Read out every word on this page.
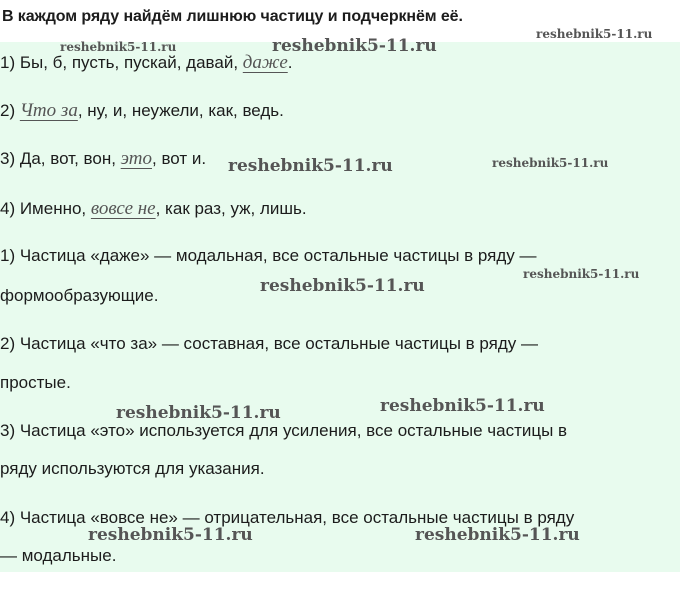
В каждом ряду найдём лишнюю частицу и подчеркнём её.
reshebnik5-11.ru
reshebnik5-11.ru	reshebnik5-11.ru
1) Бы, б, пусть, пускай, давай, даже.
2) Что за, ну, и, неужели, как, ведь.
3) Да, вот, вон, это, вот и. reshebnik5-11.ru	reshebnik5-11.ru
4) Именно, вовсе не, как раз, уж, лишь.
1) Частица «даже» — модальная, все остальные частицы в ряду —
reshebnik5-11.ru
reshebnik5-11.ru
формообразующие.
2) Частица «что за» — составная, все остальные частицы в ряду —
простые.
reshebnik5-11.ru
reshebnik5-11.ru
3) Частица «это» используется для усиления, все остальные частицы в
ряду используются для указания.
4) Частица «вовсе не» — отрицательная, все остальные частицы в ряду
reshebnik5-11.ru	reshebnik5-11.ru
— модальные.
